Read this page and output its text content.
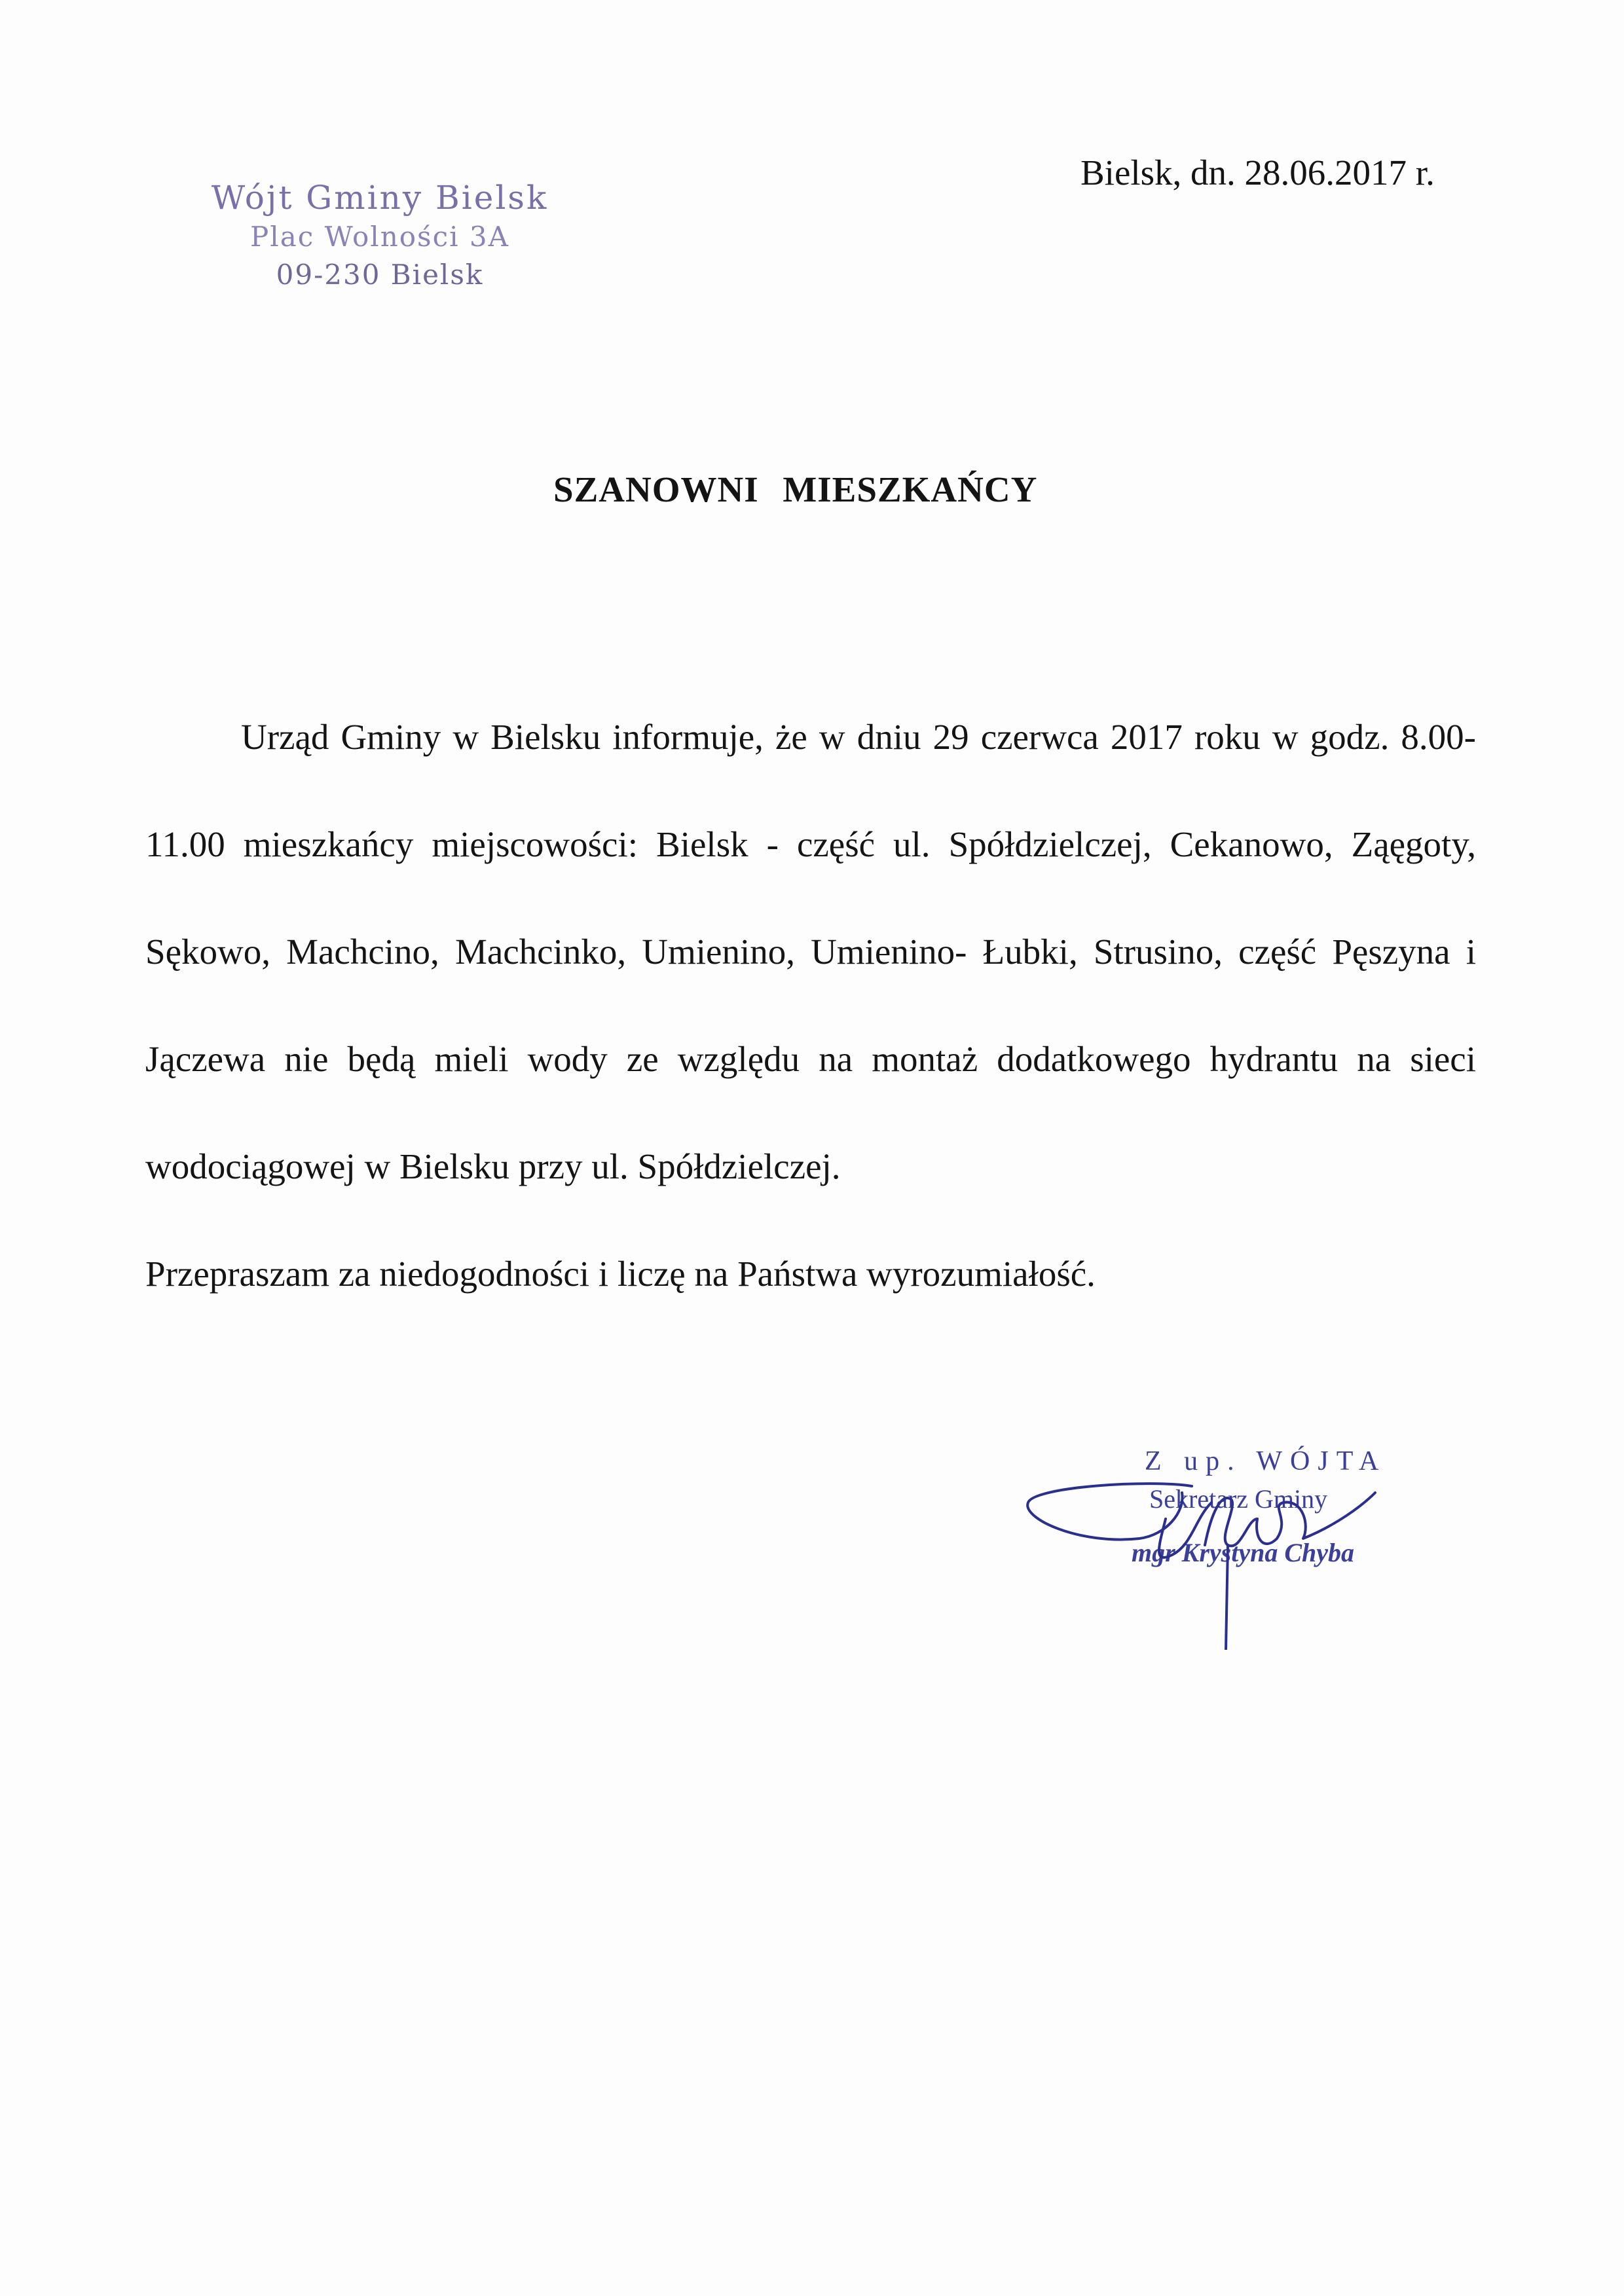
Wójt Gminy Bielsk
Plac Wolności 3A
09-230 Bielsk
Bielsk, dn. 28.06.2017 r.
SZANOWNI MIESZKAŃCY

Urząd Gminy w Bielsku informuje, że w dniu 29 czerwca 2017 roku w godz. 8.00-11.00 mieszkańcy miejscowości: Bielsk - część ul. Spółdzielczej, Cekanowo, Ząęgoty, Sękowo, Machcino, Machcinko, Umienino, Umienino- Łubki, Strusino, część Pęszyna i Jączewa nie będą mieli wody ze względu na montaż dodatkowego hydrantu na sieci wodociągowej w Bielsku przy ul. Spółdzielczej.

Przepraszam za niedogodności i liczę na Państwa wyrozumiałość.

Z up. WÓJTA
Sekretarz Gminy
mgr Krystyna Chyba
